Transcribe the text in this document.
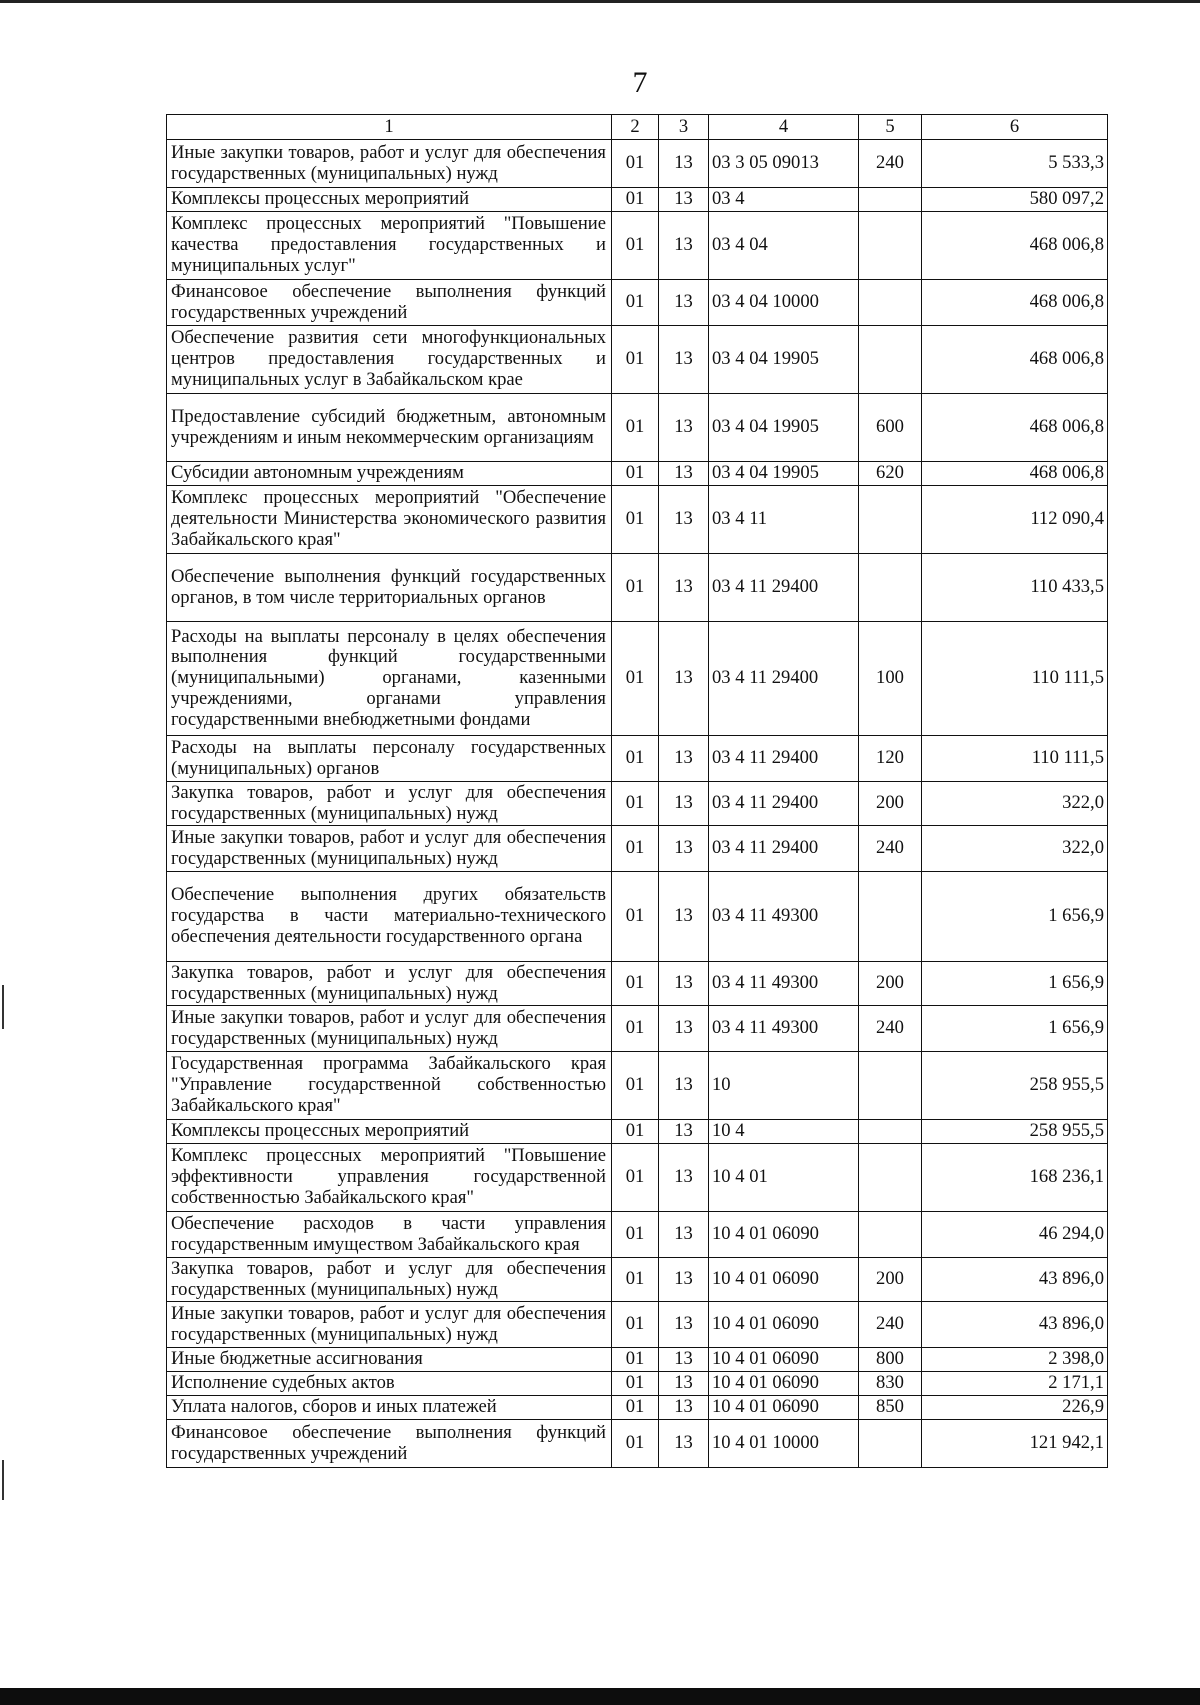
7
1	2	3	4	5	6
Иные закупки товаров, работ и услуг для обеспечения государственных (муниципальных) нужд	01	13	03 3 05 09013	240	5 533,3
Комплексы процессных мероприятий	01	13	03 4		580 097,2
Комплекс процессных мероприятий "Повышение качества предоставления государственных и муниципальных услуг"	01	13	03 4 04		468 006,8
Финансовое обеспечение выполнения функций государственных учреждений	01	13	03 4 04 10000		468 006,8
Обеспечение развития сети многофункциональных центров предоставления государственных и муниципальных услуг в Забайкальском крае	01	13	03 4 04 19905		468 006,8
Предоставление субсидий бюджетным, автономным учреждениям и иным некоммерческим организациям	01	13	03 4 04 19905	600	468 006,8
Субсидии автономным учреждениям	01	13	03 4 04 19905	620	468 006,8
Комплекс процессных мероприятий "Обеспечение деятельности Министерства экономического развития Забайкальского края"	01	13	03 4 11		112 090,4
Обеспечение выполнения функций государственных органов, в том числе территориальных органов	01	13	03 4 11 29400		110 433,5
Расходы на выплаты персоналу в целях обеспечения выполнения функций государственными (муниципальными) органами, казенными учреждениями, органами управления государственными внебюджетными фондами	01	13	03 4 11 29400	100	110 111,5
Расходы на выплаты персоналу государственных (муниципальных) органов	01	13	03 4 11 29400	120	110 111,5
Закупка товаров, работ и услуг для обеспечения государственных (муниципальных) нужд	01	13	03 4 11 29400	200	322,0
Иные закупки товаров, работ и услуг для обеспечения государственных (муниципальных) нужд	01	13	03 4 11 29400	240	322,0
Обеспечение выполнения других обязательств государства в части материально-технического обеспечения деятельности государственного органа	01	13	03 4 11 49300		1 656,9
Закупка товаров, работ и услуг для обеспечения государственных (муниципальных) нужд	01	13	03 4 11 49300	200	1 656,9
Иные закупки товаров, работ и услуг для обеспечения государственных (муниципальных) нужд	01	13	03 4 11 49300	240	1 656,9
Государственная программа Забайкальского края "Управление государственной собственностью Забайкальского края"	01	13	10		258 955,5
Комплексы процессных мероприятий	01	13	10 4		258 955,5
Комплекс процессных мероприятий "Повышение эффективности управления государственной собственностью Забайкальского края"	01	13	10 4 01		168 236,1
Обеспечение расходов в части управления государственным имуществом Забайкальского края	01	13	10 4 01 06090		46 294,0
Закупка товаров, работ и услуг для обеспечения государственных (муниципальных) нужд	01	13	10 4 01 06090	200	43 896,0
Иные закупки товаров, работ и услуг для обеспечения государственных (муниципальных) нужд	01	13	10 4 01 06090	240	43 896,0
Иные бюджетные ассигнования	01	13	10 4 01 06090	800	2 398,0
Исполнение судебных актов	01	13	10 4 01 06090	830	2 171,1
Уплата налогов, сборов и иных платежей	01	13	10 4 01 06090	850	226,9
Финансовое обеспечение выполнения функций государственных учреждений	01	13	10 4 01 10000		121 942,1
